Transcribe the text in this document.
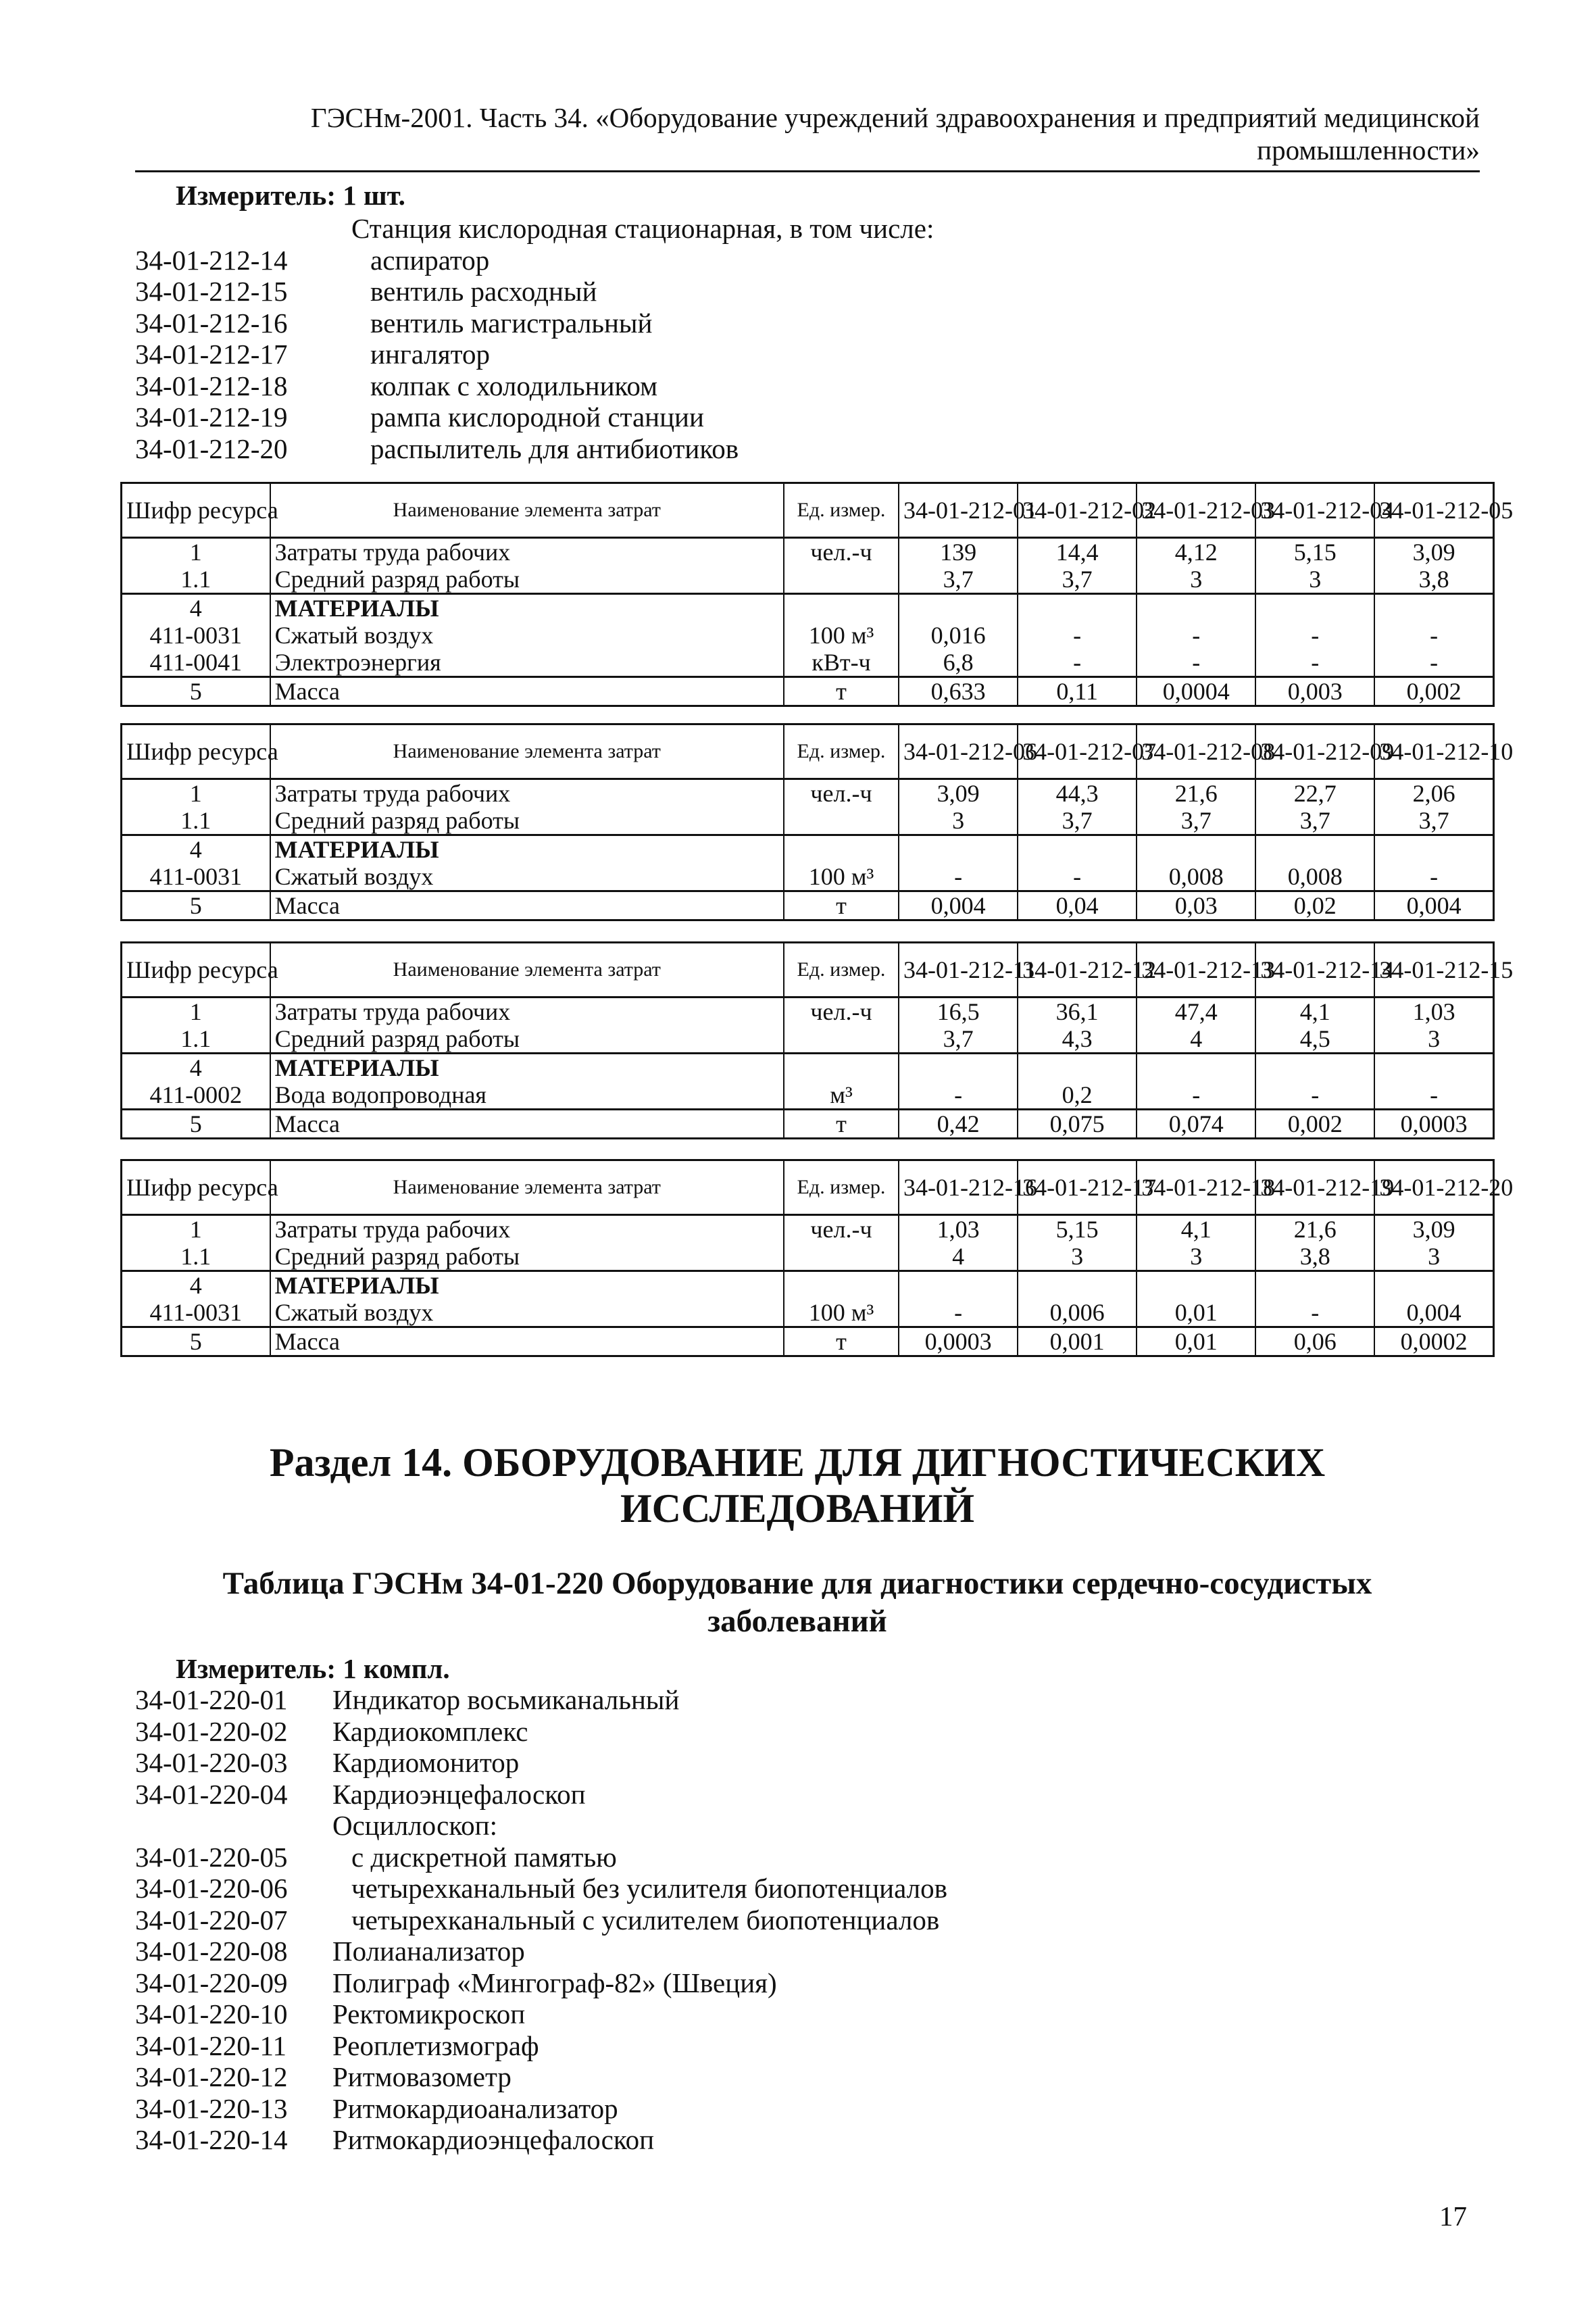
ГЭСНм-2001. Часть 34. «Оборудование учреждений здравоохранения и предприятий медицинской
промышленности»
Измеритель: 1 шт.
Станция кислородная стационарная, в том числе:
34-01-212-14	аспиратор
34-01-212-15	вентиль расходный
34-01-212-16	вентиль магистральный
34-01-212-17	ингалятор
34-01-212-18	колпак с холодильником
34-01-212-19	рампа кислородной станции
34-01-212-20	распылитель для антибиотиков
Шифр ресурса	Наименование элемента затрат	Ед. измер.	34-01-212-01	34-01-212-02	34-01-212-03	34-01-212-04	34-01-212-05
1	Затраты труда рабочих	чел.-ч	139	14,4	4,12	5,15	3,09
1.1	Средний разряд работы		3,7	3,7	3	3	3,8
4	МАТЕРИАЛЫ						
411-0031	Сжатый воздух	100 м³	0,016	-	-	-	-
411-0041	Электроэнергия	кВт-ч	6,8	-	-	-	-
5	Масса	т	0,633	0,11	0,0004	0,003	0,002
Шифр ресурса	Наименование элемента затрат	Ед. измер.	34-01-212-06	34-01-212-07	34-01-212-08	34-01-212-09	34-01-212-10
1	Затраты труда рабочих	чел.-ч	3,09	44,3	21,6	22,7	2,06
1.1	Средний разряд работы		3	3,7	3,7	3,7	3,7
4	МАТЕРИАЛЫ						
411-0031	Сжатый воздух	100 м³	-	-	0,008	0,008	-
5	Масса	т	0,004	0,04	0,03	0,02	0,004
Шифр ресурса	Наименование элемента затрат	Ед. измер.	34-01-212-11	34-01-212-12	34-01-212-13	34-01-212-14	34-01-212-15
1	Затраты труда рабочих	чел.-ч	16,5	36,1	47,4	4,1	1,03
1.1	Средний разряд работы		3,7	4,3	4	4,5	3
4	МАТЕРИАЛЫ						
411-0002	Вода водопроводная	м³	-	0,2	-	-	-
5	Масса	т	0,42	0,075	0,074	0,002	0,0003
Шифр ресурса	Наименование элемента затрат	Ед. измер.	34-01-212-16	34-01-212-17	34-01-212-18	34-01-212-19	34-01-212-20
1	Затраты труда рабочих	чел.-ч	1,03	5,15	4,1	21,6	3,09
1.1	Средний разряд работы		4	3	3	3,8	3
4	МАТЕРИАЛЫ						
411-0031	Сжатый воздух	100 м³	-	0,006	0,01	-	0,004
5	Масса	т	0,0003	0,001	0,01	0,06	0,0002
Раздел 14. ОБОРУДОВАНИЕ ДЛЯ ДИГНОСТИЧЕСКИХ
ИССЛЕДОВАНИЙ
Таблица ГЭСНм 34-01-220 Оборудование для диагностики сердечно-сосудистых
заболеваний
Измеритель: 1 компл.
34-01-220-01	Индикатор восьмиканальный
34-01-220-02	Кардиокомплекс
34-01-220-03	Кардиомонитор
34-01-220-04	Кардиоэнцефалоскоп
Осциллоскоп:
34-01-220-05	с дискретной памятью
34-01-220-06	четырехканальный без усилителя биопотенциалов
34-01-220-07	четырехканальный с усилителем биопотенциалов
34-01-220-08	Полианализатор
34-01-220-09	Полиграф «Мингограф-82» (Швеция)
34-01-220-10	Ректомикроскоп
34-01-220-11	Реоплетизмограф
34-01-220-12	Ритмовазометр
34-01-220-13	Ритмокардиоанализатор
34-01-220-14	Ритмокардиоэнцефалоскоп
17
